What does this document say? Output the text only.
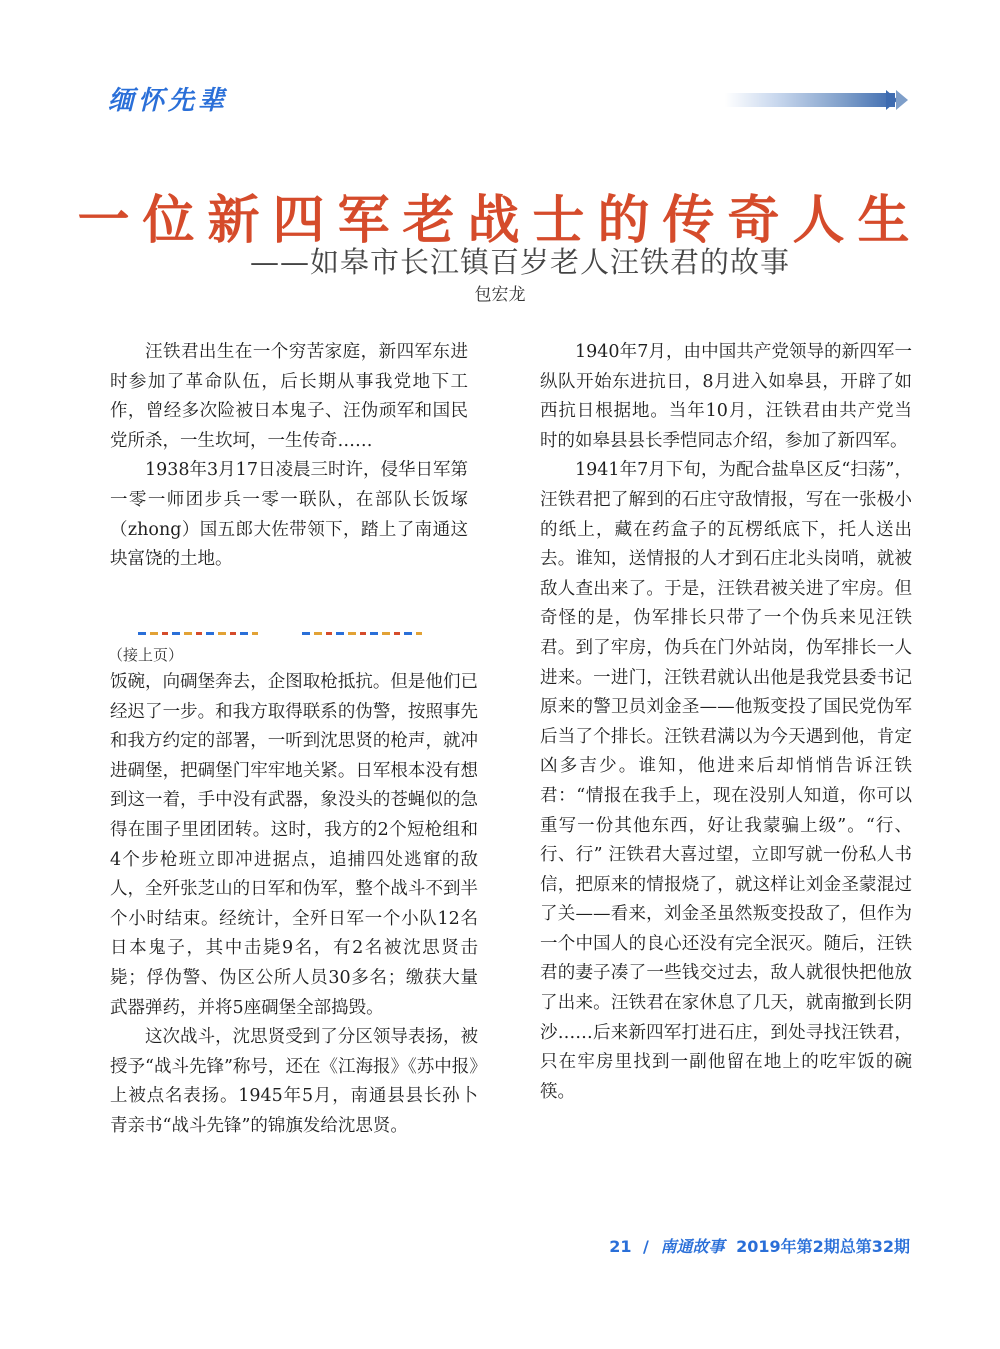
缅怀先辈
一位新四军老战士的传奇人生
——如皋市长江镇百岁老人汪铁君的故事
包宏龙

汪铁君出生在一个穷苦家庭，新四军东进时参加了革命队伍，后长期从事我党地下工作，曾经多次险被日本鬼子、汪伪顽军和国民党所杀，一生坎坷，一生传奇……

1938年3月17日凌晨三时许，侵华日军第一零一师团步兵一零一联队，在部队长饭塚（zhong）国五郎大佐带领下，踏上了南通这块富饶的土地。

（接上页）

饭碗，向碉堡奔去，企图取枪抵抗。但是他们已经迟了一步。和我方取得联系的伪警，按照事先和我方约定的部署，一听到沈思贤的枪声，就冲进碉堡，把碉堡门牢牢地关紧。日军根本没有想到这一着，手中没有武器，象没头的苍蝇似的急得在围子里团团转。这时，我方的2个短枪组和4个步枪班立即冲进据点，追捕四处逃窜的敌人，全歼张芝山的日军和伪军，整个战斗不到半个小时结束。经统计，全歼日军一个小队12名日本鬼子，其中击毙9名，有2名被沈思贤击毙；俘伪警、伪区公所人员30多名；缴获大量武器弹药，并将5座碉堡全部捣毁。

这次战斗，沈思贤受到了分区领导表扬，被授予“战斗先锋”称号，还在《江海报》《苏中报》上被点名表扬。1945年5月，南通县县长孙卜青亲书“战斗先锋”的锦旗发给沈思贤。

1940年7月，由中国共产党领导的新四军一纵队开始东进抗日，8月进入如皋县，开辟了如西抗日根据地。当年10月，汪铁君由共产党当时的如皋县县长季恺同志介绍，参加了新四军。

1941年7月下旬，为配合盐阜区反“扫荡”，汪铁君把了解到的石庄守敌情报，写在一张极小的纸上，藏在药盒子的瓦楞纸底下，托人送出去。谁知，送情报的人才到石庄北头岗哨，就被敌人查出来了。于是，汪铁君被关进了牢房。但奇怪的是，伪军排长只带了一个伪兵来见汪铁君。到了牢房，伪兵在门外站岗，伪军排长一人进来。一进门，汪铁君就认出他是我党县委书记原来的警卫员刘金圣——他叛变投了国民党伪军后当了个排长。汪铁君满以为今天遇到他，肯定凶多吉少。谁知，他进来后却悄悄告诉汪铁君：“情报在我手上，现在没别人知道，你可以重写一份其他东西，好让我蒙骗上级”。“行、行、行” 汪铁君大喜过望，立即写就一份私人书信，把原来的情报烧了，就这样让刘金圣蒙混过了关——看来，刘金圣虽然叛变投敌了，但作为一个中国人的良心还没有完全泯灭。随后，汪铁君的妻子凑了一些钱交过去，敌人就很快把他放了出来。汪铁君在家休息了几天，就南撤到长阴沙……后来新四军打进石庄，到处寻找汪铁君，只在牢房里找到一副他留在地上的吃牢饭的碗筷。

21 / 南通故事 2019年第2期总第32期
